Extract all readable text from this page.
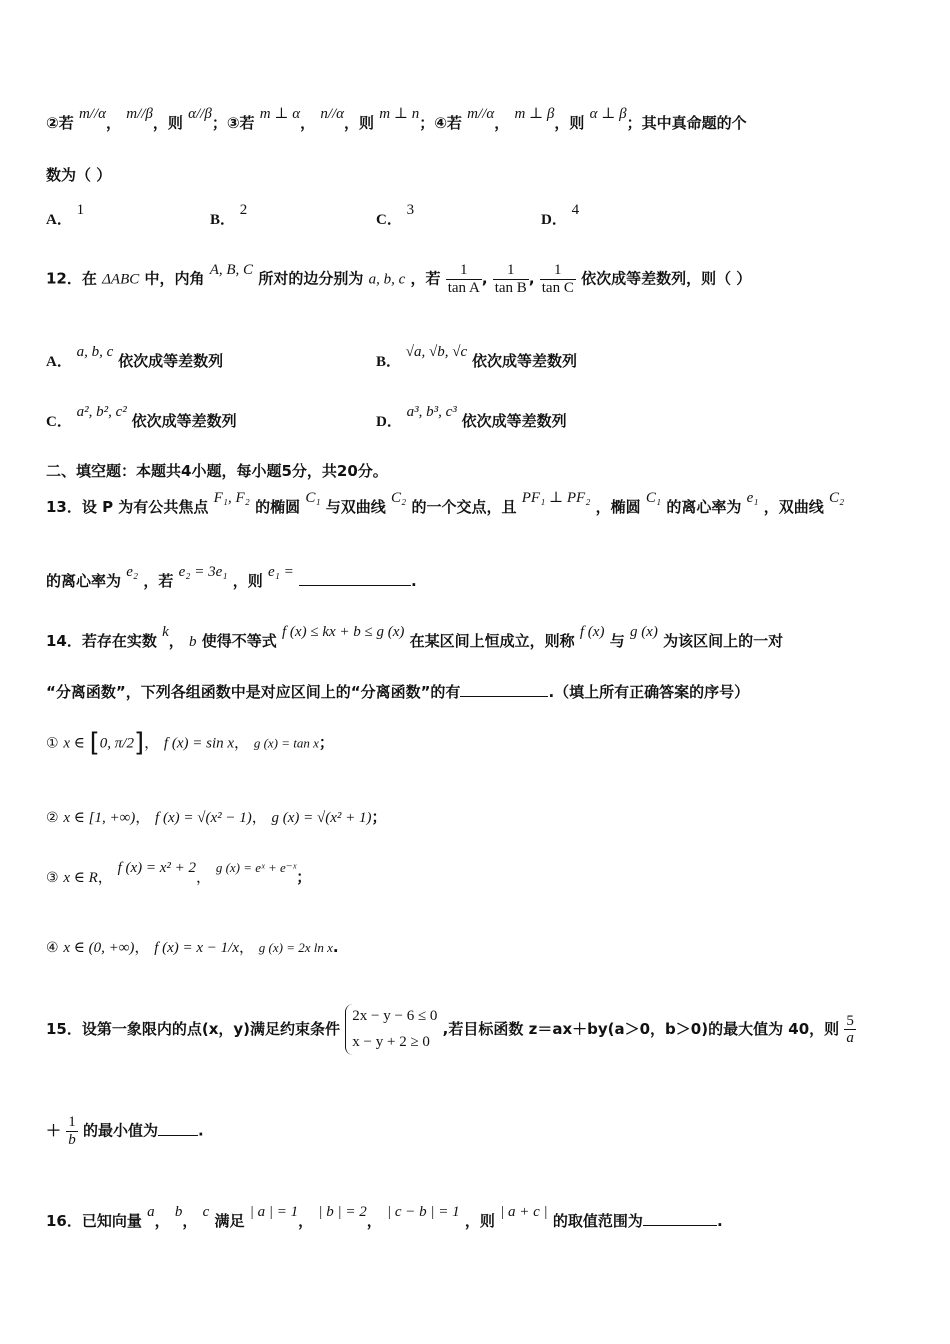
②若 m//α， m//β，则 α//β；③若 m ⊥ α， n//α，则 m ⊥ n；④若 m//α， m ⊥ β，则 α ⊥ β；其中真命题的个
数为（ ）
A． 1
B． 2
C． 3
D． 4
12．在 ΔABC 中，内角 A, B, C 所对的边分别为 a, b, c ，若 $\frac{1}{\text{tan A}}$ , $\frac{1}{\text{tan B}}$ , $\frac{1}{\text{tan C}}$ 依次成等差数列，则（ ）
A． a, b, c 依次成等差数列	B． √a, √b, √c 依次成等差数列
C． a², b², c² 依次成等差数列	D． a³, b³, c³ 依次成等差数列
二、填空题：本题共4小题，每小题5分，共20分。
13．设 P 为有公共焦点 F₁, F₂ 的椭圆 C₁ 与双曲线 C₂ 的一个交点，且 PF₁ ⊥ PF₂ ，椭圆 C₁ 的离心率为 e₁ ，双曲线 C₂
的离心率为 e₂ ，若 e₂ = 3e₁ ，则 e₁ =	.
14．若存在实数 k， b 使得不等式 f (x) ≤ kx + b ≤ g (x) 在某区间上恒成立，则称 f (x) 与 g (x) 为该区间上的一对
“分离函数”，下列各组函数中是对应区间上的“分离函数”的有	.（填上所有正确答案的序号）
① x ∈ [0, π/2]， f (x) = sin x， g (x) = tan x；
② x ∈ [1, +∞)， f (x) = √(x² − 1)， g (x) = √(x² + 1)；
③ x ∈ R， f (x) = x² + 2， g (x) = eˣ + e⁻ˣ；
④ x ∈ (0, +∞)， f (x) = x − 1/x， g (x) = 2x ln x.
15．设第一象限内的点(x，y)满足约束条件
2x − y − 6 ≤ 0
x − y + 2 ≥ 0
,若目标函数 z＝ax＋by(a＞0，b＞0)的最大值为 40，则 $\frac{5}{a}$
＋ $\frac{1}{b}$ 的最小值为	.
16．已知向量 a， b， c 满足 | a | = 1， | b | = 2， | c − b | = 1 ，则 | a + c | 的取值范围为	.
